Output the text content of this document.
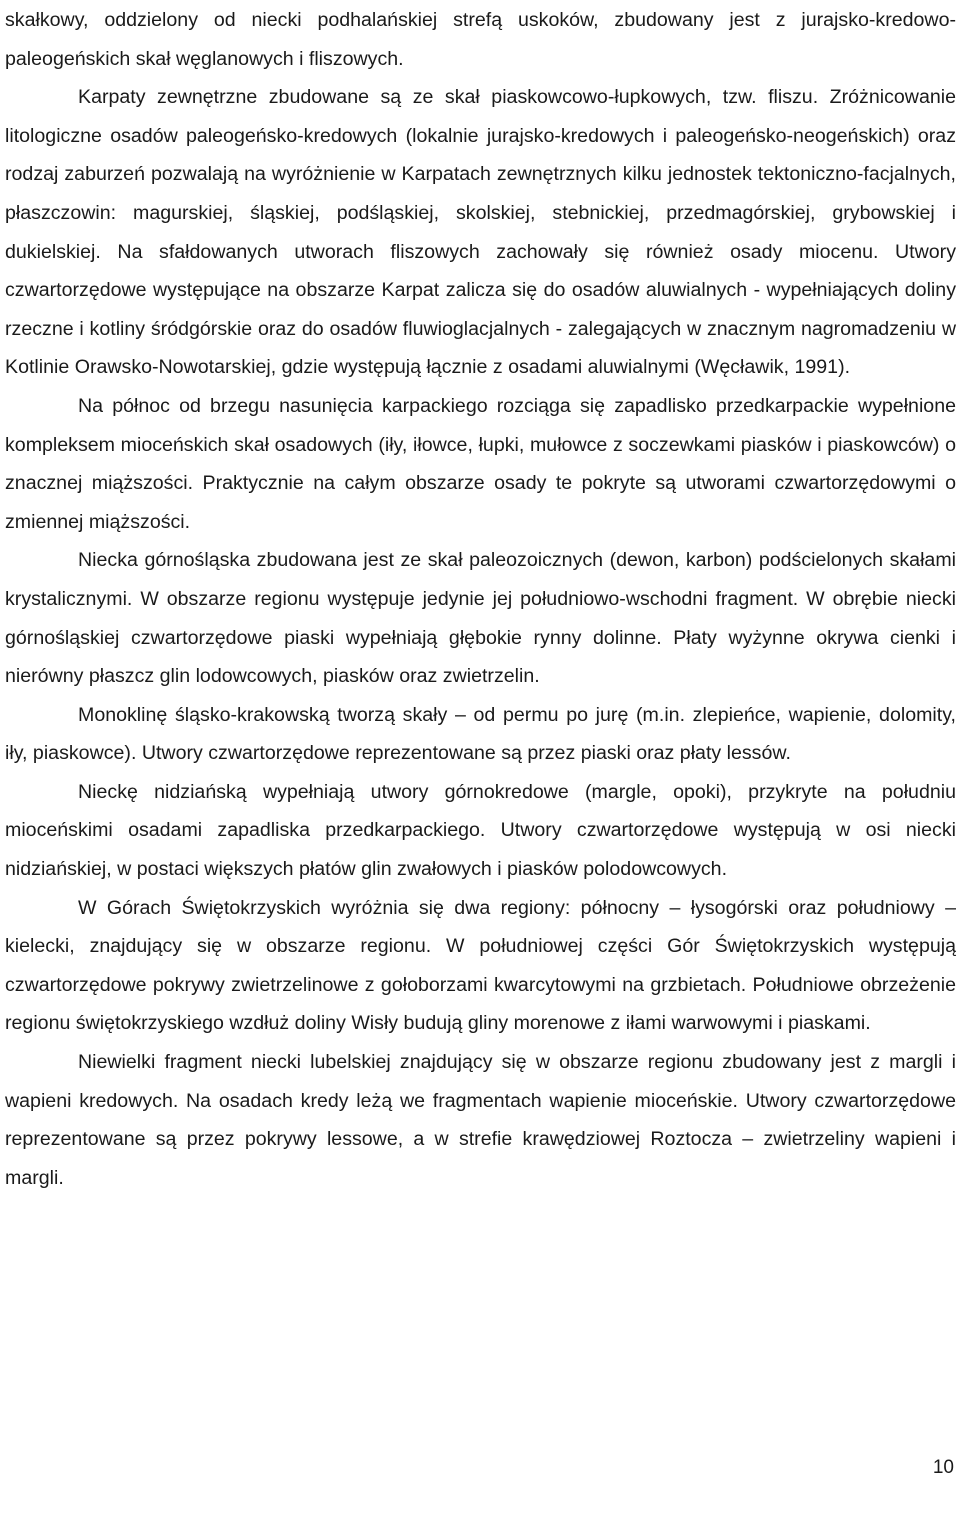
skałkowy, oddzielony od niecki podhalańskiej strefą uskoków, zbudowany jest z jurajsko-kredowo-paleogeńskich skał węglanowych i fliszowych.

Karpaty zewnętrzne zbudowane są ze skał piaskowcowo-łupkowych, tzw. fliszu. Zróżnicowanie litologiczne osadów paleogeńsko-kredowych (lokalnie jurajsko-kredowych i paleogeńsko-neogeńskich) oraz rodzaj zaburzeń pozwalają na wyróżnienie w Karpatach zewnętrznych kilku jednostek tektoniczno-facjalnych, płaszczowin: magurskiej, śląskiej, podśląskiej, skolskiej, stebnickiej, przedmagórskiej, grybowskiej i dukielskiej. Na sfałdowanych utworach fliszowych zachowały się również osady miocenu. Utwory czwartorzędowe występujące na obszarze Karpat zalicza się do osadów aluwialnych - wypełniających doliny rzeczne i kotliny śródgórskie oraz do osadów fluwioglacjalnych - zalegających w znacznym nagromadzeniu w Kotlinie Orawsko-Nowotarskiej, gdzie występują łącznie z osadami aluwialnymi (Węcławik, 1991).

Na północ od brzegu nasunięcia karpackiego rozciąga się zapadlisko przedkarpackie wypełnione kompleksem mioceńskich skał osadowych (iły, iłowce, łupki, mułowce z soczewkami piasków i piaskowców) o znacznej miąższości. Praktycznie na całym obszarze osady te pokryte są utworami czwartorzędowymi o zmiennej miąższości.

Niecka górnośląska zbudowana jest ze skał paleozoicznych (dewon, karbon) podścielonych skałami krystalicznymi. W obszarze regionu występuje jedynie jej południowo-wschodni fragment. W obrębie niecki górnośląskiej czwartorzędowe piaski wypełniają głębokie rynny dolinne. Płaty wyżynne okrywa cienki i nierówny płaszcz glin lodowcowych, piasków oraz zwietrzelin.

Monoklinę śląsko-krakowską tworzą skały – od permu po jurę (m.in. zlepieńce, wapienie, dolomity, iły, piaskowce). Utwory czwartorzędowe reprezentowane są przez piaski oraz płaty lessów.

Nieckę nidziańską wypełniają utwory górnokredowe (margle, opoki), przykryte na południu mioceńskimi osadami zapadliska przedkarpackiego. Utwory czwartorzędowe występują w osi niecki nidziańskiej, w postaci większych płatów glin zwałowych i piasków polodowcowych.

W Górach Świętokrzyskich wyróżnia się dwa regiony: północny – łysogórski oraz południowy – kielecki, znajdujący się w obszarze regionu. W południowej części Gór Świętokrzyskich występują czwartorzędowe pokrywy zwietrzelinowe z gołoborzami kwarcytowymi na grzbietach. Południowe obrzeżenie regionu świętokrzyskiego wzdłuż doliny Wisły budują gliny morenowe z iłami warwowymi i piaskami.

Niewielki fragment niecki lubelskiej znajdujący się w obszarze regionu zbudowany jest z margli i wapieni kredowych. Na osadach kredy leżą we fragmentach wapienie mioceńskie. Utwory czwartorzędowe reprezentowane są przez pokrywy lessowe, a w strefie krawędziowej Roztocza – zwietrzeliny wapieni i margli.

10
